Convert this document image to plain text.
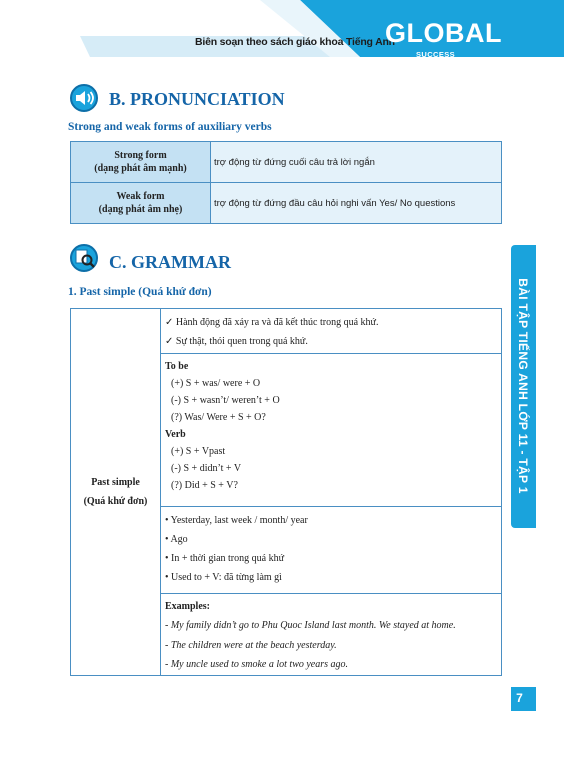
Biên soạn theo sách giáo khoa Tiếng Anh
GLOBAL
SUCCESS
B. PRONUNCIATION
Strong and weak forms of auxiliary verbs
Strong form
(dạng phát âm mạnh)	trợ động từ đứng cuối câu trả lời ngắn

Weak form
(dạng phát âm nhẹ)	trợ động từ đứng đầu câu hỏi nghi vấn Yes/ No questions
C. GRAMMAR
1. Past simple (Quá khứ đơn)
Past simple
(Quá khứ đơn)

✓ Hành động đã xảy ra và đã kết thúc trong quá khứ.
✓ Sự thật, thói quen trong quá khứ.

To be
(+) S + was/ were + O
(-) S + wasn’t/ weren’t + O
(?) Was/ Were + S + O?
Verb
(+) S + Vpast
(-) S + didn’t + V
(?) Did + S + V?

• Yesterday, last week / month/ year
• Ago
• In + thời gian trong quá khứ
• Used to + V: đã từng làm gì

Examples:
- My family didn’t go to Phu Quoc Island last month. We stayed at home.
- The children were at the beach yesterday.
- My uncle used to smoke a lot two years ago.
BÀI TẬP TIẾNG ANH LỚP 11 - TẬP 1
7
